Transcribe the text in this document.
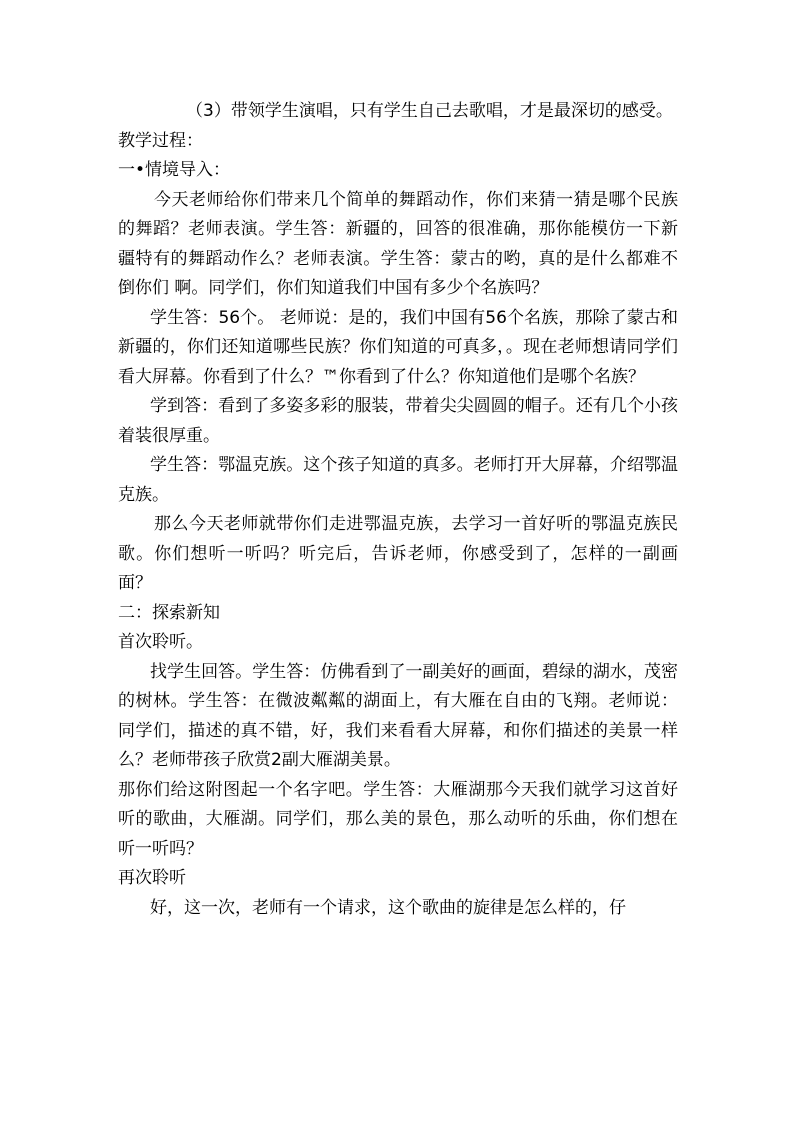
（3）带领学生演唱，只有学生自己去歌唱，才是最深切的感受。

教学过程：

一•情境导入：

今天老师给你们带来几个简单的舞蹈动作，你们来猜一猜是哪个民族的舞蹈？老师表演。学生答：新疆的，回答的很准确，那你能模仿一下新疆特有的舞蹈动作么？老师表演。学生答：蒙古的哟，真的是什么都难不倒你们 啊。同学们，你们知道我们中国有多少个名族吗？

学生答：56个。 老师说：是的，我们中国有56个名族，那除了蒙古和新疆的，你们还知道哪些民族？你们知道的可真多，。现在老师想请同学们看大屏幕。你看到了什么？™你看到了什么？你知道他们是哪个名族？

学到答：看到了多姿多彩的服装，带着尖尖圆圆的帽子。还有几个小孩着装很厚重。

学生答：鄂温克族。这个孩子知道的真多。老师打开大屏幕，介绍鄂温克族。

那么今天老师就带你们走进鄂温克族，去学习一首好听的鄂温克族民歌。你们想听一听吗？听完后，告诉老师，你感受到了，怎样的一副画面？

二：探索新知

首次聆听。

找学生回答。学生答：仿佛看到了一副美好的画面，碧绿的湖水，茂密的树林。学生答：在微波粼粼的湖面上，有大雁在自由的飞翔。老师说：同学们，描述的真不错，好，我们来看看大屏幕，和你们描述的美景一样么？老师带孩子欣赏2副大雁湖美景。

那你们给这附图起一个名字吧。学生答：大雁湖那今天我们就学习这首好听的歌曲，大雁湖。同学们，那么美的景色，那么动听的乐曲，你们想在听一听吗？

再次聆听

好，这一次，老师有一个请求，这个歌曲的旋律是怎么样的，仔
